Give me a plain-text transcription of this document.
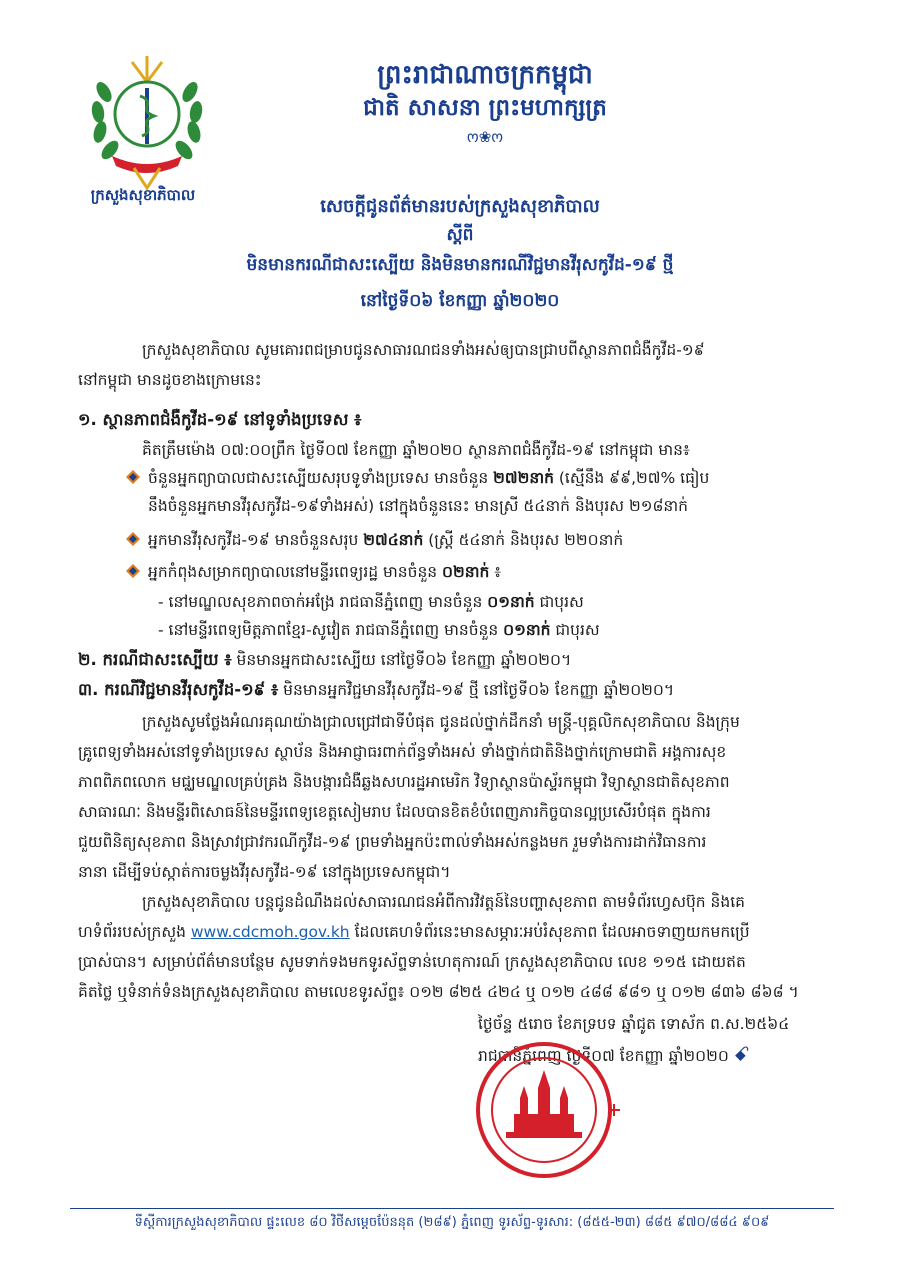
ក្រសួងសុខាភិបាល
ព្រះរាជាណាចក្រកម្ពុជា
ជាតិ សាសនា ព្រះមហាក្សត្រ
ო❀ო
សេចក្ដីជូនព័ត៌មានរបស់ក្រសួងសុខាភិបាល
ស្ដីពី
មិនមានករណីជាសះស្បើយ និងមិនមានករណីវិជ្ជមានវីរុសកូវីដ-១៩ ថ្មី
នៅថ្ងៃទី០៦ ខែកញ្ញា ឆ្នាំ២០២០
ក្រសួងសុខាភិបាល សូមគោរពជម្រាបជូនសាធារណជនទាំងអស់ឲ្យបានជ្រាបពីស្ថានភាពជំងឺកូវីដ-១៩
នៅកម្ពុជា មានដូចខាងក្រោមនេះ
១. ស្ថានភាពជំងឺកូវីដ-១៩ នៅទូទាំងប្រទេស ៖
គិតត្រឹមម៉ោង ០៧:០០ព្រឹក ថ្ងៃទី០៧ ខែកញ្ញា ឆ្នាំ២០២០ ស្ថានភាពជំងឺកូវីដ-១៩ នៅកម្ពុជា មាន៖
ចំនួនអ្នកព្យាបាលជាសះស្បើយសរុបទូទាំងប្រទេស មានចំនួន ២៧២នាក់ (ស្មើនឹង ៩៩,២៧% ធៀប
នឹងចំនួនអ្នកមានវីរុសកូវីដ-១៩ទាំងអស់) នៅក្នុងចំនួននេះ មានស្រី ៥៤នាក់ និងបុរស ២១៨នាក់
អ្នកមានវីរុសកូវីដ-១៩ មានចំនួនសរុប ២៧៤នាក់ (ស្ត្រី ៥៤នាក់ និងបុរស ២២០នាក់
អ្នកកំពុងសម្រាកព្យាបាលនៅមន្ទីរពេទ្យរដ្ឋ មានចំនួន ០២នាក់ ៖
- នៅមណ្ឌលសុខភាពចាក់អង្រែ រាជធានីភ្នំពេញ មានចំនួន ០១នាក់ ជាបុរស
- នៅមន្ទីរពេទ្យមិត្តភាពខ្មែរ-សូវៀត រាជធានីភ្នំពេញ មានចំនួន ០១នាក់ ជាបុរស
២. ករណីជាសះស្បើយ ៖ មិនមានអ្នកជាសះស្បើយ នៅថ្ងៃទី០៦ ខែកញ្ញា ឆ្នាំ២០២០។
៣. ករណីវិជ្ជមានវីរុសកូវីដ-១៩ ៖ មិនមានអ្នកវិជ្ជមានវីរុសកូវីដ-១៩ ថ្មី នៅថ្ងៃទី០៦ ខែកញ្ញា ឆ្នាំ២០២០។
ក្រសួងសូមថ្លែងអំណរគុណយ៉ាងជ្រាលជ្រៅជាទីបំផុត ជូនដល់ថ្នាក់ដឹកនាំ មន្ត្រី-បុគ្គលិកសុខាភិបាល និងក្រុម
គ្រូពេទ្យទាំងអស់នៅទូទាំងប្រទេស ស្ថាប័ន និងអាជ្ញាធរពាក់ព័ន្ធទាំងអស់ ទាំងថ្នាក់ជាតិនិងថ្នាក់ក្រោមជាតិ អង្គការសុខ
ភាពពិភពលោក មជ្ឈមណ្ឌលគ្រប់គ្រង និងបង្ការជំងឺឆ្លងសហរដ្ឋអាមេរិក វិទ្យាស្ថានប៉ាស្ទ័រកម្ពុជា វិទ្យាស្ថានជាតិសុខភាព
សាធារណៈ និងមន្ទីរពិសោធន៍នៃមន្ទីរពេទ្យខេត្តសៀមរាប ដែលបានខិតខំបំពេញភារកិច្ចបានល្អប្រសើរបំផុត ក្នុងការ
ជួយពិនិត្យសុខភាព និងស្រាវជ្រាវករណីកូវីដ-១៩ ព្រមទាំងអ្នកប៉ះពាល់ទាំងអស់កន្លងមក រួមទាំងការដាក់វិធានការ
នានា ដើម្បីទប់ស្កាត់ការចម្លងវីរុសកូវីដ-១៩ នៅក្នុងប្រទេសកម្ពុជា។
ក្រសួងសុខាភិបាល បន្តជូនដំណឹងដល់សាធារណជនអំពីការវិវត្តន៍នៃបញ្ហាសុខភាព តាមទំព័រហ្វេសប៊ុក និងគេ
ហទំព័ររបស់ក្រសួង www.cdcmoh.gov.kh ដែលគេហទំព័រនេះមានសម្ភារៈអប់រំសុខភាព ដែលអាចទាញយកមកប្រើ
ប្រាស់បាន។ សម្រាប់ព័ត៌មានបន្ថែម សូមទាក់ទងមកទូរស័ព្ទទាន់ហេតុការណ៍ ក្រសួងសុខាភិបាល លេខ ១១៥ ដោយឥត
គិតថ្លៃ ឬទំនាក់ទំនងក្រសួងសុខាភិបាល តាមលេខទូរស័ព្ទ៖ ០១២ ៨២៥ ៤២៤ ឬ ០១២ ៤៨៨ ៩៨១ ឬ ០១២ ៨៣៦ ៨៦៨ ។
ថ្ងៃច័ន្ទ ៥រោច ខែភទ្របទ ឆ្នាំជូត ទោស័ក ព.ស.២៥៦៤
រាជធានីភ្នំពេញ ថ្ងៃទី០៧ ខែកញ្ញា ឆ្នាំ២០២០ ꗃ
ទីស្ដីការក្រសួងសុខាភិបាល ផ្ទះលេខ ៨០ វិថីសម្ដេចប៉ែននុត (២៨៩) ភ្នំពេញ ទូរស័ព្ទ-ទូរសារ: (៨៥៥-២៣) ៨៨៥ ៩៧០/៨៨៤ ៩០៩
